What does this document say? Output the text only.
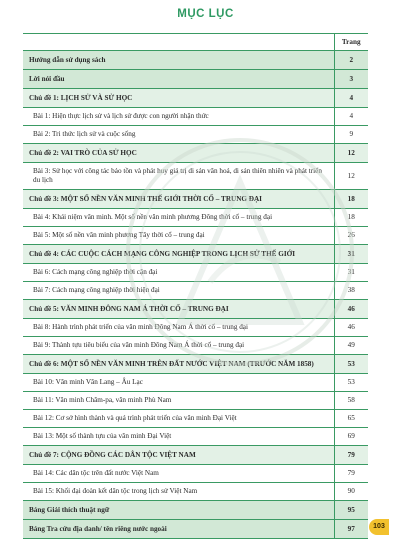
MỤC LỤC
	Trang
Hướng dẫn sử dụng sách	2
Lời nói đầu	3
Chủ đề 1: LỊCH SỬ VÀ SỬ HỌC	4
Bài 1: Hiện thực lịch sử và lịch sử được con người nhận thức	4
Bài 2: Tri thức lịch sử và cuộc sống	9
Chủ đề 2: VAI TRÒ CỦA SỬ HỌC	12
Bài 3: Sử học với công tác bảo tồn và phát huy giá trị di sản văn hoá, di sản thiên nhiên và phát triển du lịch	12
Chủ đề 3: MỘT SỐ NỀN VĂN MINH THẾ GIỚI THỜI CỔ – TRUNG ĐẠI	18
Bài 4: Khái niệm văn minh. Một số nền văn minh phương Đông thời cổ – trung đại	18
Bài 5: Một số nền văn minh phương Tây thời cổ – trung đại	26
Chủ đề 4: CÁC CUỘC CÁCH MẠNG CÔNG NGHIỆP TRONG LỊCH SỬ THẾ GIỚI	31
Bài 6: Cách mạng công nghiệp thời cận đại	31
Bài 7: Cách mạng công nghiệp thời hiện đại	38
Chủ đề 5: VĂN MINH ĐÔNG NAM Á THỜI CỔ – TRUNG ĐẠI	46
Bài 8: Hành trình phát triển của văn minh Đông Nam Á thời cổ – trung đại	46
Bài 9: Thành tựu tiêu biểu của văn minh Đông Nam Á thời cổ – trung đại	49
Chủ đề 6: MỘT SỐ NỀN VĂN MINH TRÊN ĐẤT NƯỚC VIỆT NAM (TRƯỚC NĂM 1858)	53
Bài 10: Văn minh Văn Lang – Âu Lạc	53
Bài 11: Văn minh Chăm-pa, văn minh Phù Nam	58
Bài 12: Cơ sở hình thành và quá trình phát triển của văn minh Đại Việt	65
Bài 13: Một số thành tựu của văn minh Đại Việt	69
Chủ đề 7: CỘNG ĐỒNG CÁC DÂN TỘC VIỆT NAM	79
Bài 14: Các dân tộc trên đất nước Việt Nam	79
Bài 15: Khối đại đoàn kết dân tộc trong lịch sử Việt Nam	90
Bảng Giải thích thuật ngữ	95
Bảng Tra cứu địa danh/ tên riêng nước ngoài	97	103
